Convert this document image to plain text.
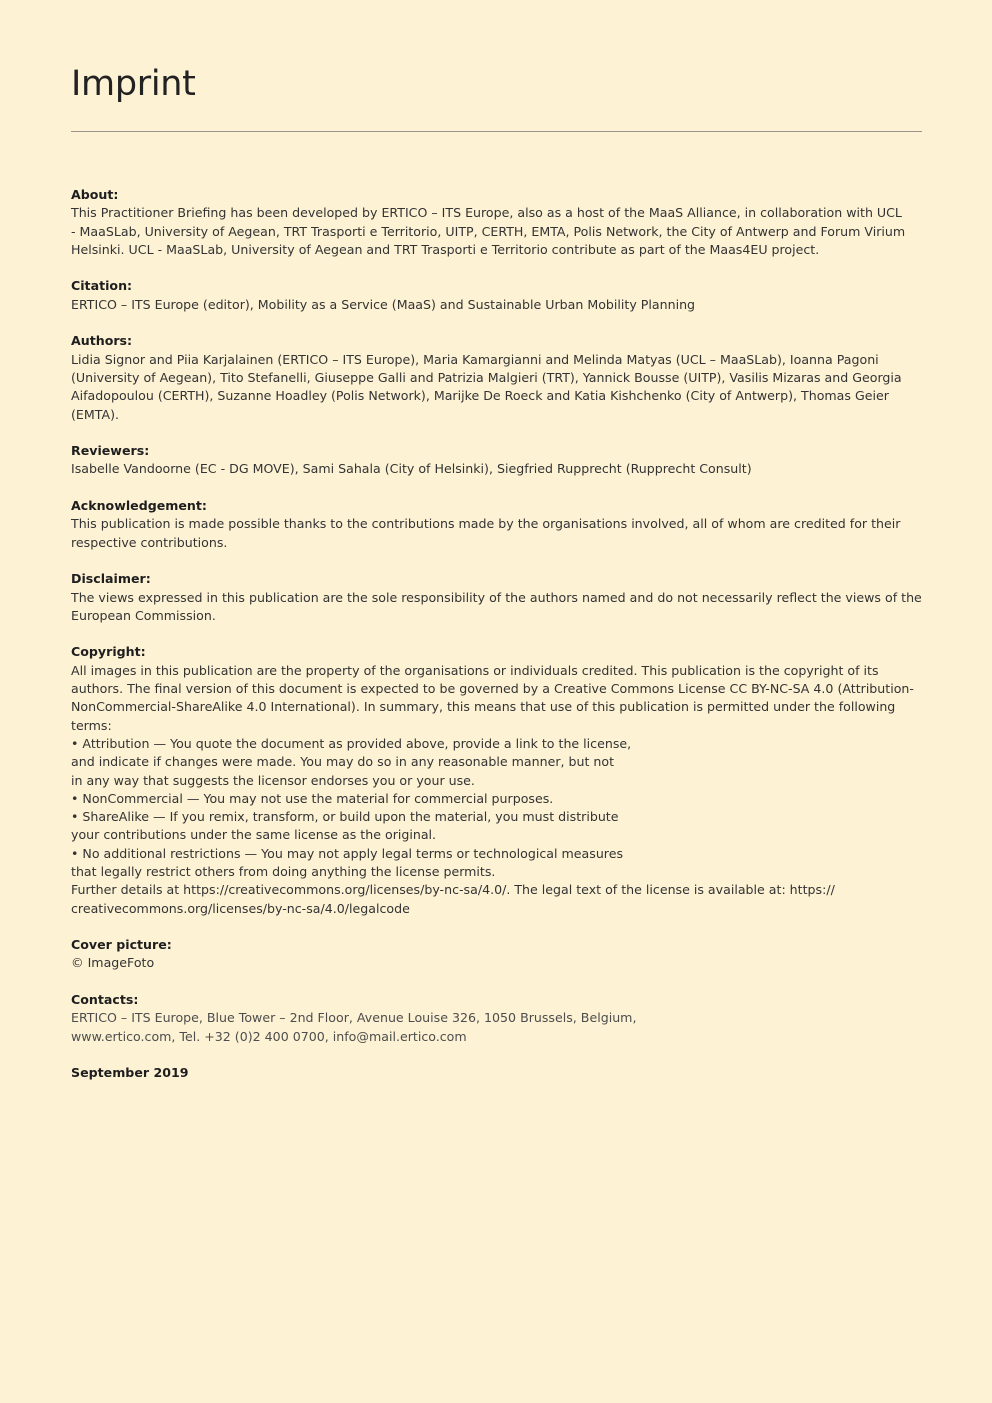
Imprint
About:
This Practitioner Briefing has been developed by ERTICO – ITS Europe, also as a host of the MaaS Alliance, in collaboration with UCL
- MaaSLab, University of Aegean, TRT Trasporti e Territorio, UITP, CERTH, EMTA, Polis Network, the City of Antwerp and Forum Virium
Helsinki. UCL - MaaSLab, University of Aegean and TRT Trasporti e Territorio contribute as part of the Maas4EU project.
Citation:
ERTICO – ITS Europe (editor), Mobility as a Service (MaaS) and Sustainable Urban Mobility Planning
Authors:
Lidia Signor and Piia Karjalainen (ERTICO – ITS Europe), Maria Kamargianni and Melinda Matyas (UCL – MaaSLab), Ioanna Pagoni
(University of Aegean), Tito Stefanelli, Giuseppe Galli and Patrizia Malgieri (TRT), Yannick Bousse (UITP), Vasilis Mizaras and Georgia
Aifadopoulou (CERTH), Suzanne Hoadley (Polis Network), Marijke De Roeck and Katia Kishchenko (City of Antwerp), Thomas Geier
(EMTA).
Reviewers:
Isabelle Vandoorne (EC - DG MOVE), Sami Sahala (City of Helsinki), Siegfried Rupprecht (Rupprecht Consult)
Acknowledgement:
This publication is made possible thanks to the contributions made by the organisations involved, all of whom are credited for their
respective contributions.
Disclaimer:
The views expressed in this publication are the sole responsibility of the authors named and do not necessarily reflect the views of the
European Commission.
Copyright:
All images in this publication are the property of the organisations or individuals credited. This publication is the copyright of its
authors. The final version of this document is expected to be governed by a Creative Commons License CC BY-NC-SA 4.0 (Attribution-
NonCommercial-ShareAlike 4.0 International). In summary, this means that use of this publication is permitted under the following
terms:
• Attribution — You quote the document as provided above, provide a link to the license,
and indicate if changes were made. You may do so in any reasonable manner, but not
in any way that suggests the licensor endorses you or your use.
• NonCommercial — You may not use the material for commercial purposes.
• ShareAlike — If you remix, transform, or build upon the material, you must distribute
your contributions under the same license as the original.
• No additional restrictions — You may not apply legal terms or technological measures
that legally restrict others from doing anything the license permits.
Further details at https://creativecommons.org/licenses/by-nc-sa/4.0/. The legal text of the license is available at: https://
creativecommons.org/licenses/by-nc-sa/4.0/legalcode
Cover picture:
© ImageFoto
Contacts:
ERTICO – ITS Europe, Blue Tower – 2nd Floor, Avenue Louise 326, 1050 Brussels, Belgium,
www.ertico.com, Tel. +32 (0)2 400 0700, info@mail.ertico.com
September 2019
